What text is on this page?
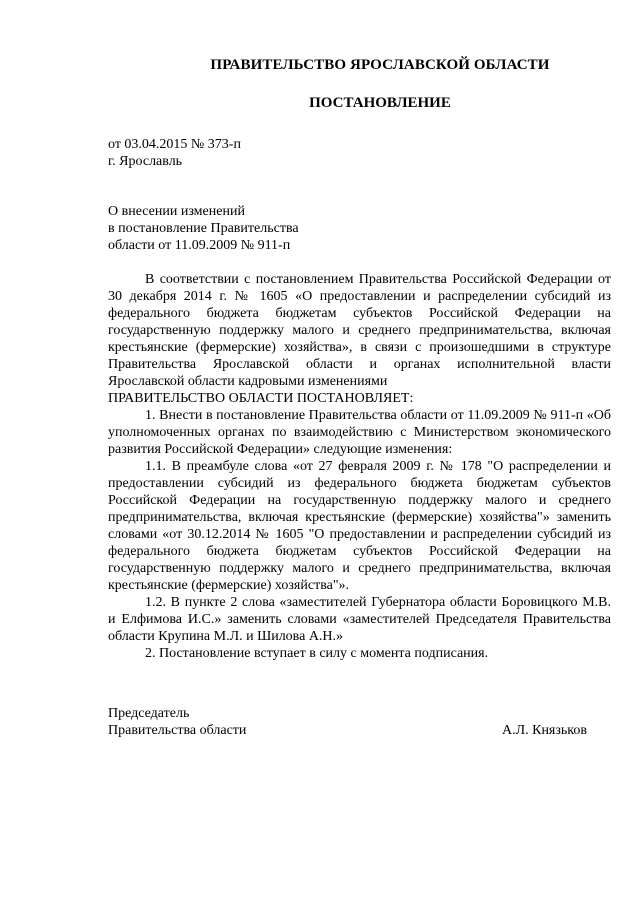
ПРАВИТЕЛЬСТВО ЯРОСЛАВСКОЙ ОБЛАСТИ
ПОСТАНОВЛЕНИЕ
от 03.04.2015 № 373-п
г. Ярославль
О внесении изменений
в постановление Правительства
области от 11.09.2009 № 911-п

В соответствии с постановлением Правительства Российской Федерации от 30 декабря 2014 г. № 1605 «О предоставлении и распределении субсидий из федерального бюджета бюджетам субъектов Российской Федерации на государственную поддержку малого и среднего предпринимательства, включая крестьянские (фермерские) хозяйства», в связи с произошедшими в структуре Правительства Ярославской области и органах исполнительной власти Ярославской области кадровыми изменениями

ПРАВИТЕЛЬСТВО ОБЛАСТИ ПОСТАНОВЛЯЕТ:

1. Внести в постановление Правительства области от 11.09.2009 № 911-п «Об уполномоченных органах по взаимодействию с Министерством экономического развития Российской Федерации» следующие изменения:

1.1. В преамбуле слова «от 27 февраля 2009 г. № 178 "О распределении и предоставлении субсидий из федерального бюджета бюджетам субъектов Российской Федерации на государственную поддержку малого и среднего предпринимательства, включая крестьянские (фермерские) хозяйства"» заменить словами «от 30.12.2014 № 1605 "О предоставлении и распределении субсидий из федерального бюджета бюджетам субъектов Российской Федерации на государственную поддержку малого и среднего предпринимательства, включая крестьянские (фермерские) хозяйства"».

1.2. В пункте 2 слова «заместителей Губернатора области Боровицкого М.В. и Елфимова И.С.» заменить словами «заместителей Председателя Правительства области Крупина М.Л. и Шилова А.Н.»

2. Постановление вступает в силу с момента подписания.

Председатель
Правительства области	А.Л. Князьков
